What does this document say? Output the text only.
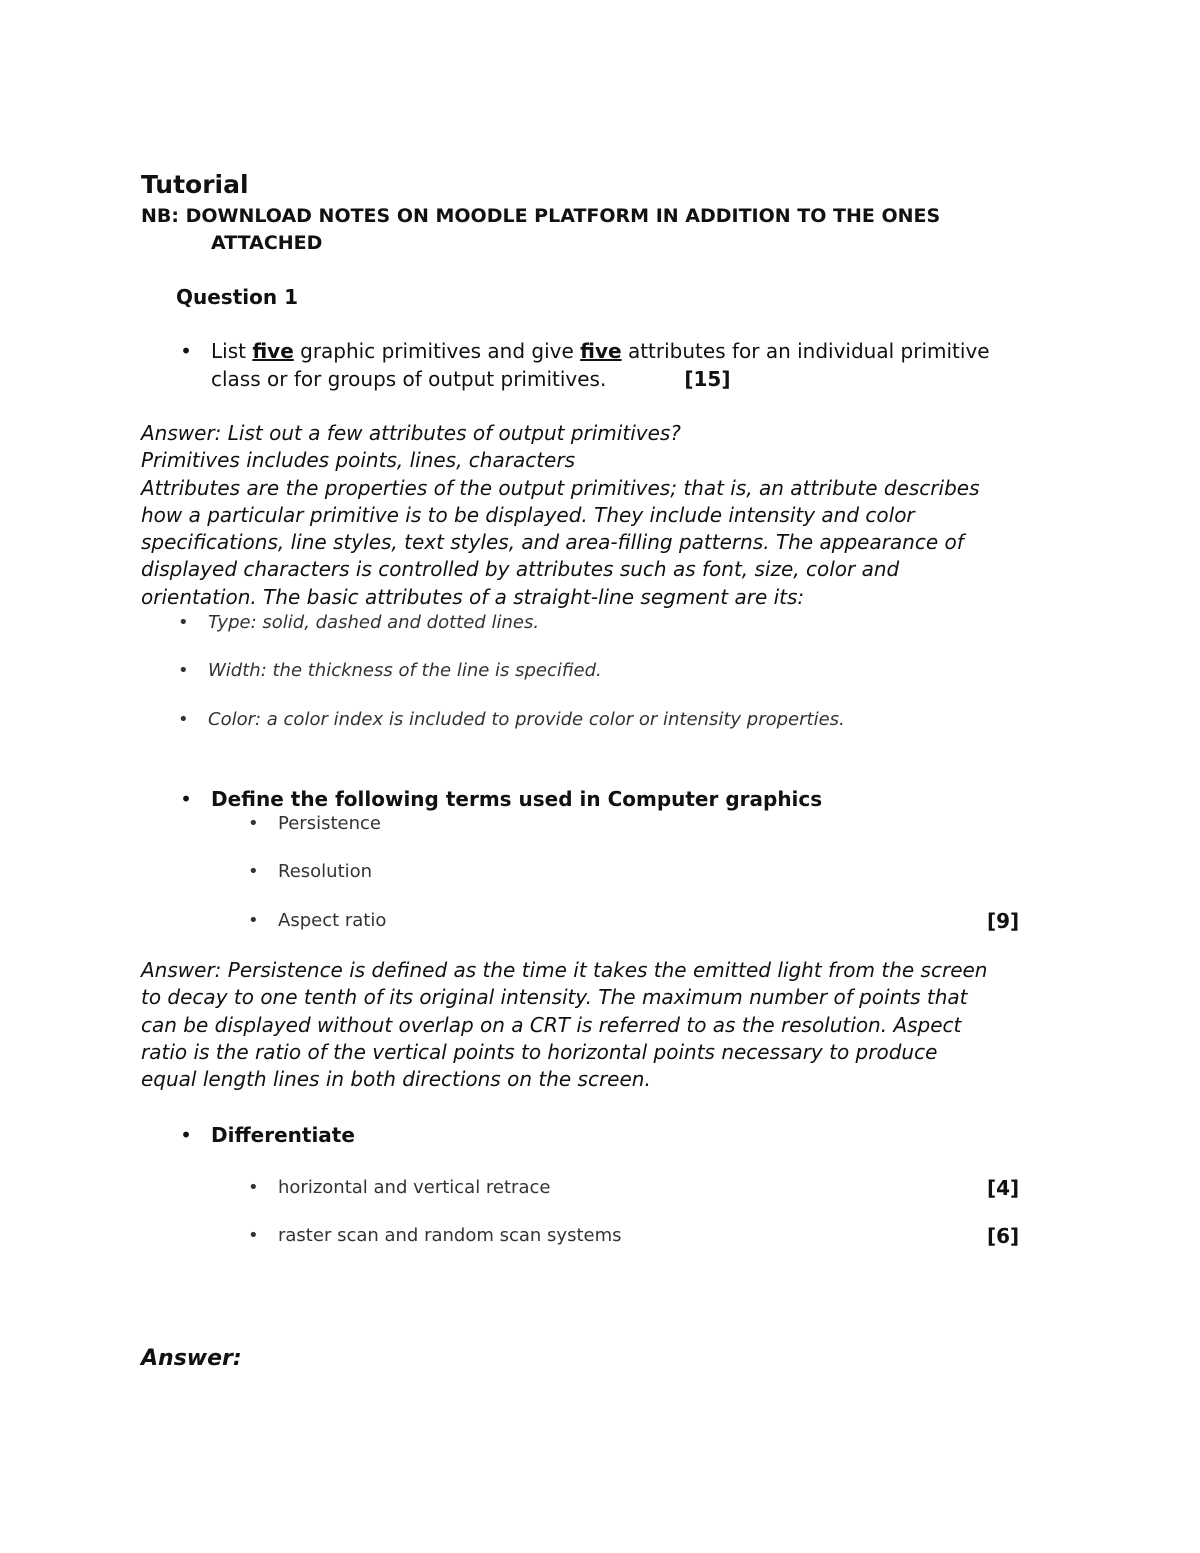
Tutorial
NB: DOWNLOAD NOTES ON MOODLE PLATFORM IN ADDITION TO THE ONES
ATTACHED
Question 1
• List five graphic primitives and give five attributes for an individual primitive
class or for groups of output primitives.	[15]
Answer: List out a few attributes of output primitives?
Primitives includes points, lines, characters
Attributes are the properties of the output primitives; that is, an attribute describes
how a particular primitive is to be displayed. They include intensity and color
specifications, line styles, text styles, and area-filling patterns. The appearance of
displayed characters is controlled by attributes such as font, size, color and
orientation. The basic attributes of a straight-line segment are its:
• Type: solid, dashed and dotted lines.
• Width: the thickness of the line is specified.
• Color: a color index is included to provide color or intensity properties.
• Define the following terms used in Computer graphics
• Persistence
• Resolution
• Aspect ratio	[9]
Answer: Persistence is defined as the time it takes the emitted light from the screen
to decay to one tenth of its original intensity. The maximum number of points that
can be displayed without overlap on a CRT is referred to as the resolution. Aspect
ratio is the ratio of the vertical points to horizontal points necessary to produce
equal length lines in both directions on the screen.
• Differentiate
• horizontal and vertical retrace	[4]
• raster scan and random scan systems	[6]
Answer:
